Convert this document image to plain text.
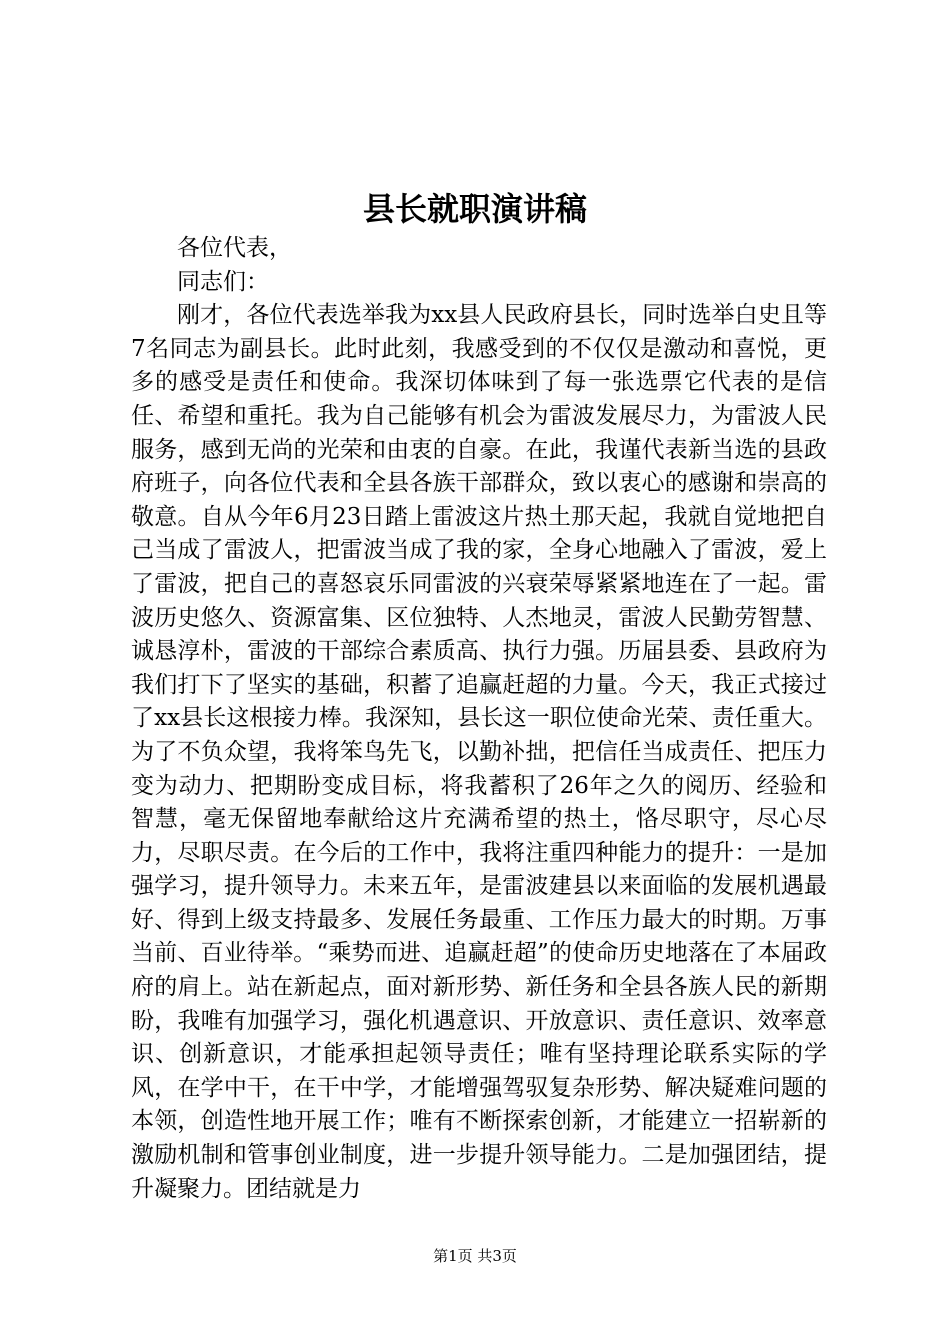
县长就职演讲稿

各位代表，

同志们：

刚才，各位代表选举我为xx县人民政府县长，同时选举白史且等7名同志为副县长。此时此刻，我感受到的不仅仅是激动和喜悦，更多的感受是责任和使命。我深切体味到了每一张选票它代表的是信任、希望和重托。我为自己能够有机会为雷波发展尽力，为雷波人民服务，感到无尚的光荣和由衷的自豪。在此，我谨代表新当选的县政府班子，向各位代表和全县各族干部群众，致以衷心的感谢和崇高的敬意。自从今年6月23日踏上雷波这片热土那天起，我就自觉地把自己当成了雷波人，把雷波当成了我的家，全身心地融入了雷波，爱上了雷波，把自己的喜怒哀乐同雷波的兴衰荣辱紧紧地连在了一起。雷波历史悠久、资源富集、区位独特、人杰地灵，雷波人民勤劳智慧、诚恳淳朴，雷波的干部综合素质高、执行力强。历届县委、县政府为我们打下了坚实的基础，积蓄了追赢赶超的力量。今天，我正式接过了xx县长这根接力棒。我深知，县长这一职位使命光荣、责任重大。为了不负众望，我将笨鸟先飞，以勤补拙，把信任当成责任、把压力变为动力、把期盼变成目标，将我蓄积了26年之久的阅历、经验和智慧，毫无保留地奉献给这片充满希望的热土，恪尽职守，尽心尽力，尽职尽责。在今后的工作中，我将注重四种能力的提升：一是加强学习，提升领导力。未来五年，是雷波建县以来面临的发展机遇最好、得到上级支持最多、发展任务最重、工作压力最大的时期。万事当前、百业待举。“乘势而进、追赢赶超”的使命历史地落在了本届政府的肩上。站在新起点，面对新形势、新任务和全县各族人民的新期盼，我唯有加强学习，强化机遇意识、开放意识、责任意识、效率意识、创新意识，才能承担起领导责任；唯有坚持理论联系实际的学风，在学中干，在干中学，才能增强驾驭复杂形势、解决疑难问题的本领，创造性地开展工作；唯有不断探索创新，才能建立一招崭新的激励机制和管事创业制度，进一步提升领导能力。二是加强团结，提升凝聚力。团结就是力

第1页 共3页
